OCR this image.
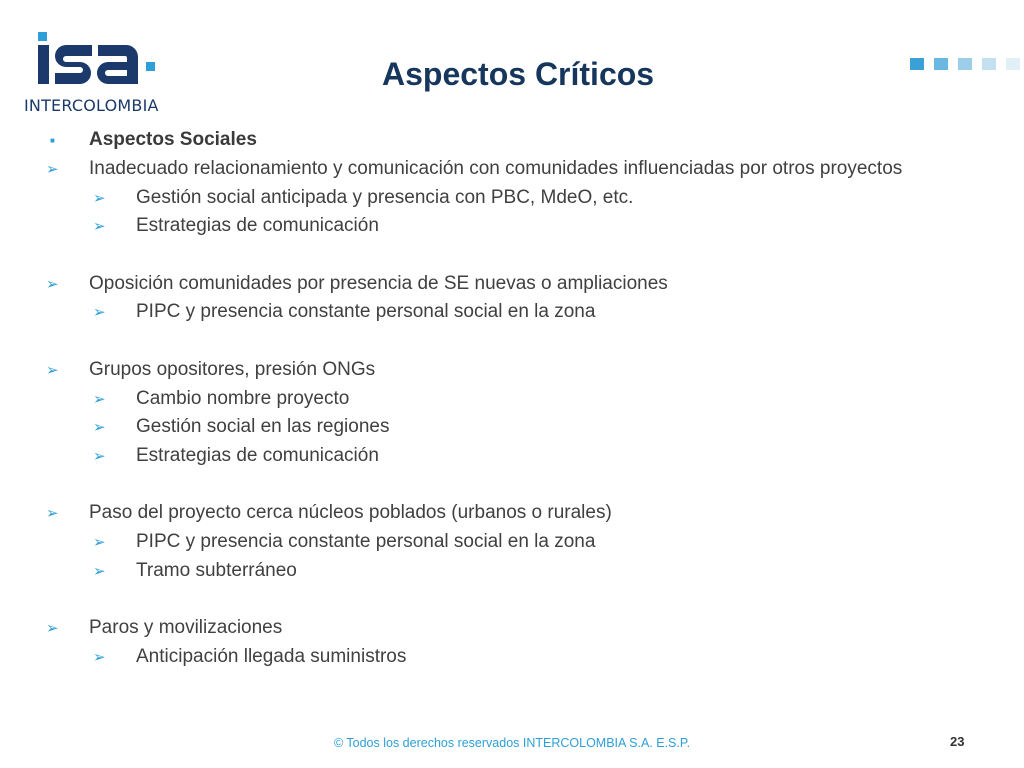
INTERCOLOMBIA
Aspectos Críticos
■	Aspectos Sociales
➢	Inadecuado relacionamiento y comunicación con comunidades influenciadas por otros proyectos
➢	Gestión social anticipada y presencia con PBC, MdeO, etc.
➢	Estrategias de comunicación
➢	Oposición comunidades por presencia de SE nuevas o ampliaciones
➢	PIPC y presencia constante personal social en la zona
➢	Grupos opositores, presión ONGs
➢	Cambio nombre proyecto
➢	Gestión social en las regiones
➢	Estrategias de comunicación
➢	Paso del proyecto cerca núcleos poblados (urbanos o rurales)
➢	PIPC y presencia constante personal social en la zona
➢	Tramo subterráneo
➢	Paros y movilizaciones
➢	Anticipación llegada suministros
© Todos los derechos reservados INTERCOLOMBIA S.A. E.S.P.	23
